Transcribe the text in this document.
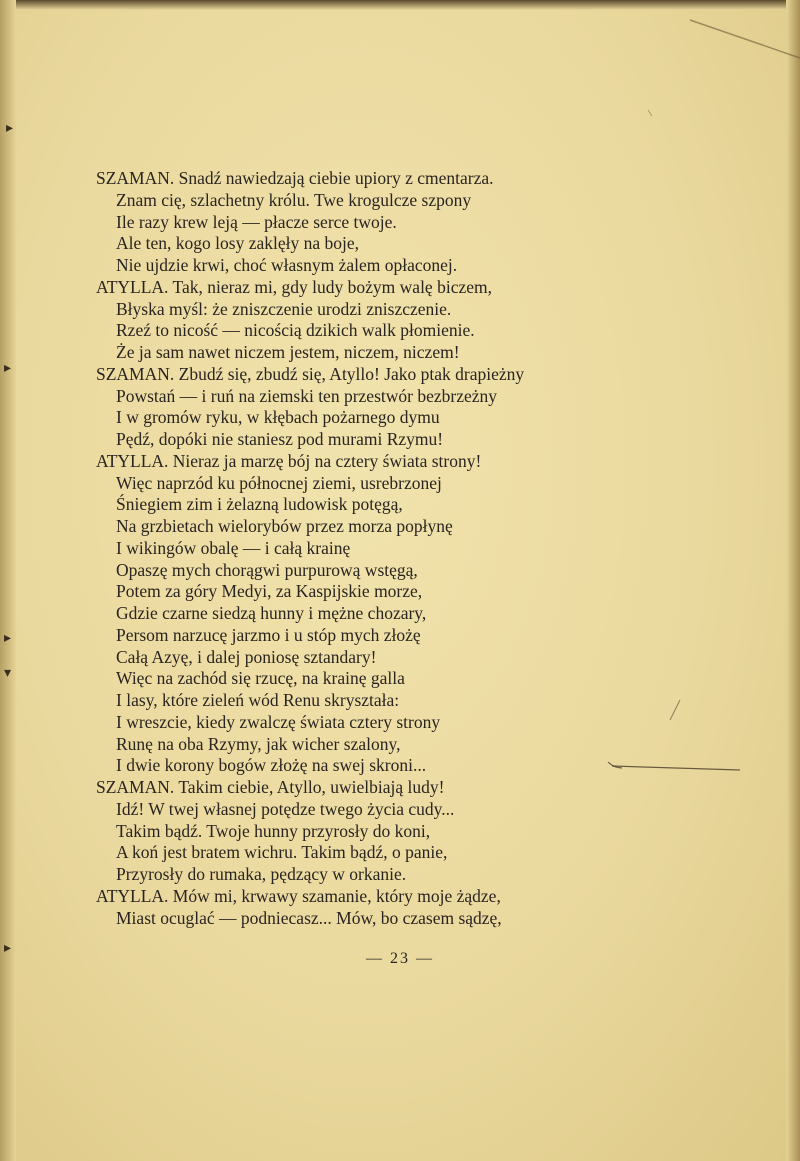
▸
▸
▸
▾
▸
SZAMAN. Snadź nawiedzają ciebie upiory z cmentarza.
Znam cię, szlachetny królu. Twe krogulcze szpony
Ile razy krew leją — płacze serce twoje.
Ale ten, kogo losy zaklęły na boje,
Nie ujdzie krwi, choć własnym żalem opłaconej.
ATYLLA. Tak, nieraz mi, gdy ludy bożym walę biczem,
Błyska myśl: że zniszczenie urodzi zniszczenie.
Rzeź to nicość — nicością dzikich walk płomienie.
Że ja sam nawet niczem jestem, niczem, niczem!
SZAMAN. Zbudź się, zbudź się, Atyllo! Jako ptak drapieżny
Powstań — i ruń na ziemski ten przestwór bezbrzeżny
I w gromów ryku, w kłębach pożarnego dymu
Pędź, dopóki nie staniesz pod murami Rzymu!
ATYLLA. Nieraz ja marzę bój na cztery świata strony!
Więc naprzód ku północnej ziemi, usrebrzonej
Śniegiem zim i żelazną ludowisk potęgą,
Na grzbietach wielorybów przez morza popłynę
I wikingów obalę — i całą krainę
Opaszę mych chorągwi purpurową wstęgą,
Potem za góry Medyi, za Kaspijskie morze,
Gdzie czarne siedzą hunny i mężne chozary,
Persom narzucę jarzmo i u stóp mych złożę
Całą Azyę, i dalej poniosę sztandary!
Więc na zachód się rzucę, na krainę galla
I lasy, które zieleń wód Renu skryształa:
I wreszcie, kiedy zwalczę świata cztery strony
Runę na oba Rzymy, jak wicher szalony,
I dwie korony bogów złożę na swej skroni...
SZAMAN. Takim ciebie, Atyllo, uwielbiają ludy!
Idź! W twej własnej potędze twego życia cudy...
Takim bądź. Twoje hunny przyrosły do koni,
A koń jest bratem wichru. Takim bądź, o panie,
Przyrosły do rumaka, pędzący w orkanie.
ATYLLA. Mów mi, krwawy szamanie, który moje żądze,
Miast ocuglać — podniecasz... Mów, bo czasem sądzę,
— 23 —
